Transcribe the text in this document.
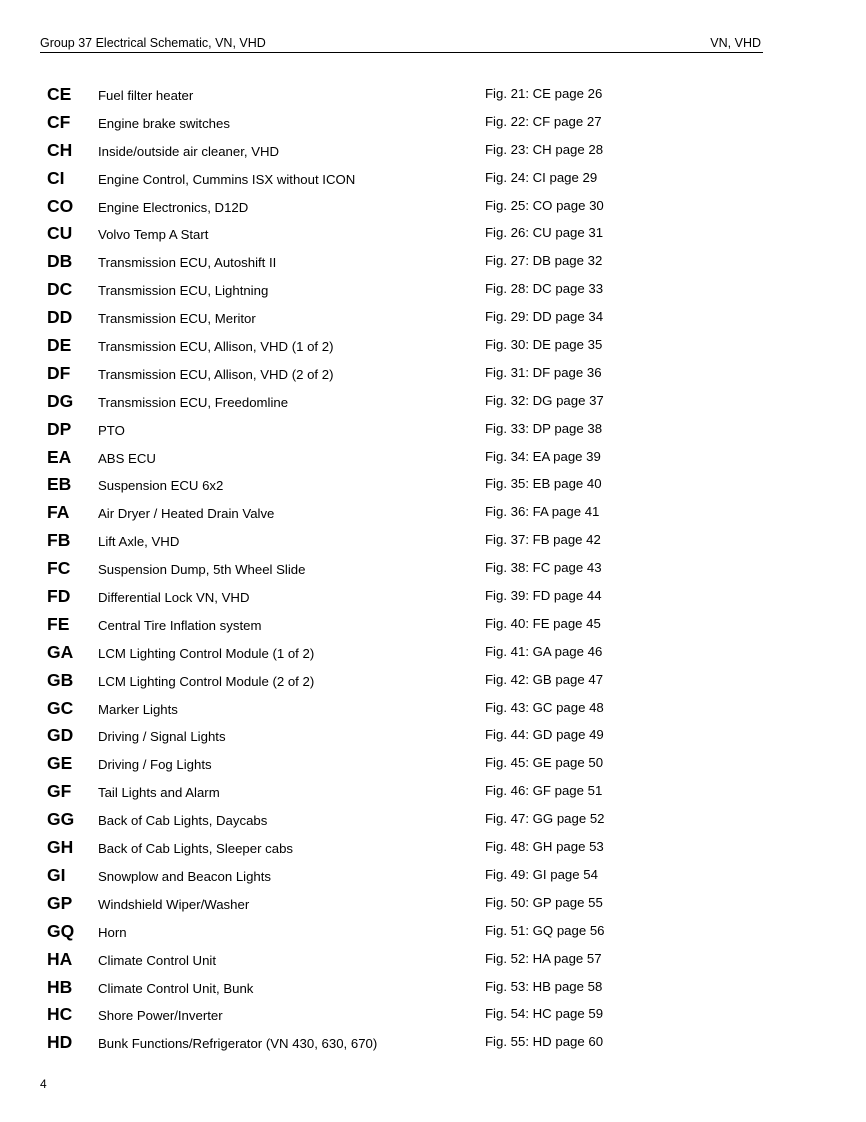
Group 37 Electrical Schematic, VN, VHD	VN, VHD
CE Fuel filter heater	Fig. 21: CE page 26
CF Engine brake switches	Fig. 22: CF page 27
CH Inside/outside air cleaner, VHD	Fig. 23: CH page 28
CI	Engine Control, Cummins ISX without ICON	Fig. 24: CI page 29
CO Engine Electronics, D12D	Fig. 25: CO page 30
CU Volvo Temp A Start	Fig. 26: CU page 31
DB Transmission ECU, Autoshift II	Fig. 27: DB page 32
DC Transmission ECU, Lightning	Fig. 28: DC page 33
DD Transmission ECU, Meritor	Fig. 29: DD page 34
DE Transmission ECU, Allison, VHD (1 of 2)	Fig. 30: DE page 35
DF Transmission ECU, Allison, VHD (2 of 2)	Fig. 31: DF page 36
DG Transmission ECU, Freedomline	Fig. 32: DG page 37
DP PTO	Fig. 33: DP page 38
EA ABS ECU	Fig. 34: EA page 39
EB Suspension ECU 6x2	Fig. 35: EB page 40
FA Air Dryer / Heated Drain Valve	Fig. 36: FA page 41
FB Lift Axle, VHD	Fig. 37: FB page 42
FC Suspension Dump, 5th Wheel Slide	Fig. 38: FC page 43
FD Differential Lock VN, VHD	Fig. 39: FD page 44
FE Central Tire Inflation system	Fig. 40: FE page 45
GA LCM Lighting Control Module (1 of 2)	Fig. 41: GA page 46
GB LCM Lighting Control Module (2 of 2)	Fig. 42: GB page 47
GC Marker Lights	Fig. 43: GC page 48
GD Driving / Signal Lights	Fig. 44: GD page 49
GE Driving / Fog Lights	Fig. 45: GE page 50
GF Tail Lights and Alarm	Fig. 46: GF page 51
GG Back of Cab Lights, Daycabs	Fig. 47: GG page 52
GH Back of Cab Lights, Sleeper cabs	Fig. 48: GH page 53
GI Snowplow and Beacon Lights	Fig. 49: GI page 54
GP Windshield Wiper/Washer	Fig. 50: GP page 55
GQ Horn	Fig. 51: GQ page 56
HA Climate Control Unit	Fig. 52: HA page 57
HB Climate Control Unit, Bunk	Fig. 53: HB page 58
HC Shore Power/Inverter	Fig. 54: HC page 59
HD Bunk Functions/Refrigerator (VN 430, 630, 670)	Fig. 55: HD page 60
4
